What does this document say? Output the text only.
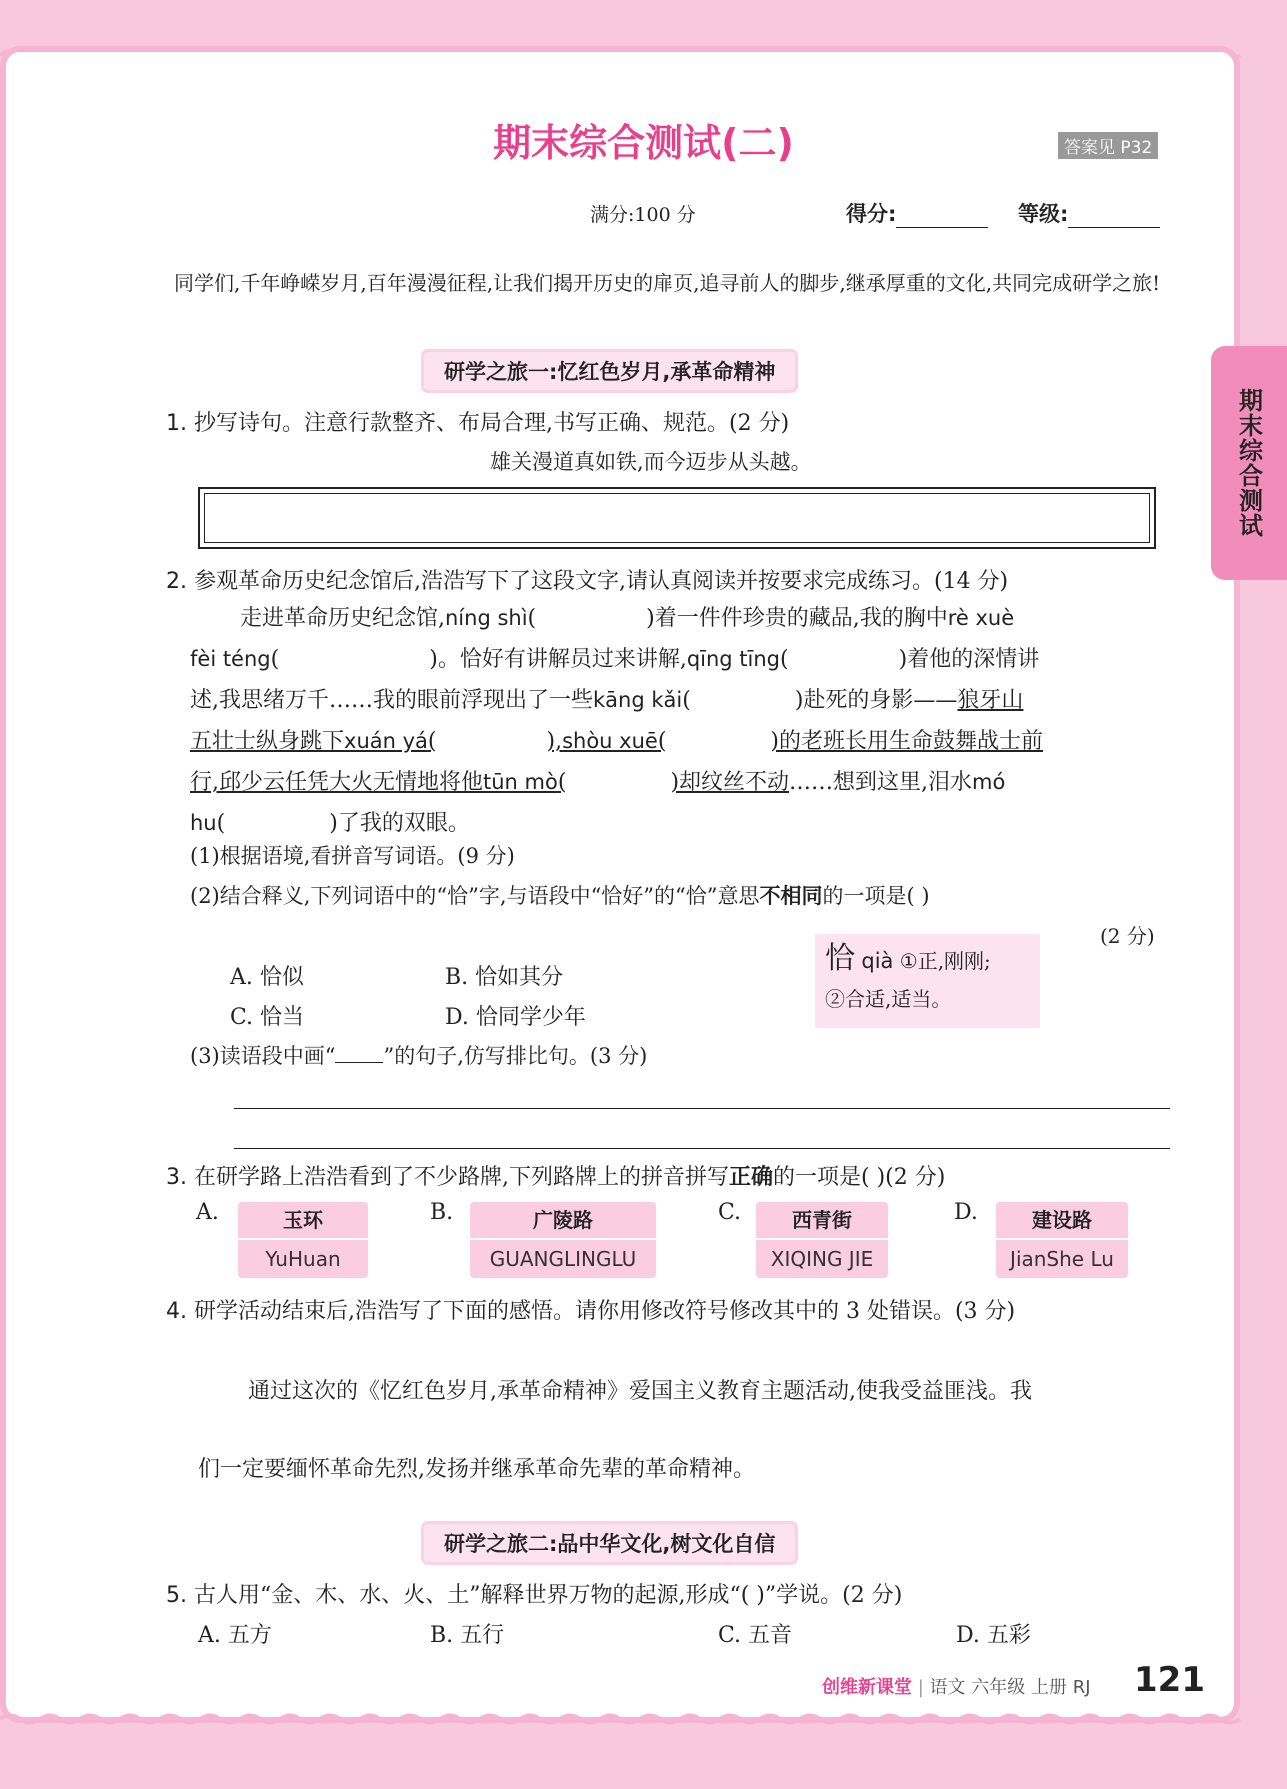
期末综合测试
期末综合测试(二)	答案见 P32
满分:100 分	得分:	等级:
同学们,千年峥嵘岁月,百年漫漫征程,让我们揭开历史的扉页,追寻前人的脚步,继承厚重的文化,共同完成研学之旅!
研学之旅一:忆红色岁月,承革命精神
1. 抄写诗句。注意行款整齐、布局合理,书写正确、规范。(2 分)
雄关漫道真如铁,而今迈步从头越。
2. 参观革命历史纪念馆后,浩浩写下了这段文字,请认真阅读并按要求完成练习。(14 分)
走进革命历史纪念馆,níng shì(	)着一件件珍贵的藏品,我的胸中rè xuè
fèi téng(	)。恰好有讲解员过来讲解,qīng tīng(	)着他的深情讲
述,我思绪万千……我的眼前浮现出了一些kāng kǎi(	)赴死的身影——狼牙山
五壮士纵身跳下xuán yá(	),shòu xuē(	)的老班长用生命鼓舞战士前
行,邱少云任凭大火无情地将他tūn mò(	)却纹丝不动……想到这里,泪水mó
hu(	)了我的双眼。
(1)根据语境,看拼音写词语。(9 分)
(2)结合释义,下列词语中的“恰”字,与语段中“恰好”的“恰”意思不相同的一项是( )
(2 分)
A. 恰似	B. 恰如其分
C. 恰当	D. 恰同学少年
恰 qià ①正,刚刚;
②合适,适当。
(3)读语段中画“ ”的句子,仿写排比句。(3 分)
3. 在研学路上浩浩看到了不少路牌,下列路牌上的拼音拼写正确的一项是( )(2 分)
A.	玉环
YuHuan
B.	广陵路
GUANGLINGLU
C.	西青街
XIQING JIE
D.	建设路
JianShe Lu
4. 研学活动结束后,浩浩写了下面的感悟。请你用修改符号修改其中的 3 处错误。(3 分)
通过这次的《忆红色岁月,承革命精神》爱国主义教育主题活动,使我受益匪浅。我
们一定要缅怀革命先烈,发扬并继承革命先辈的革命精神。
研学之旅二:品中华文化,树文化自信
5. 古人用“金、木、水、火、土”解释世界万物的起源,形成“( )”学说。(2 分)
A. 五方	B. 五行	C. 五音	D. 五彩
创维新课堂 | 语文 六年级 上册 RJ 121
